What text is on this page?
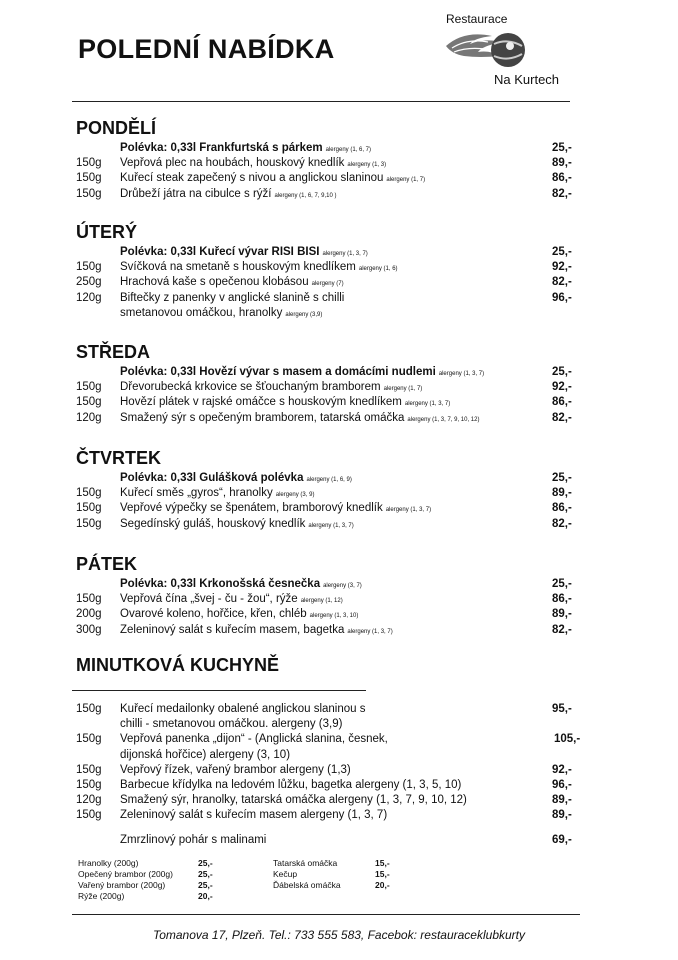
POLEDNÍ NABÍDKA
Restaurace
Na Kurtech
PONDĚLÍ
Polévka: 0,33l Frankfurtská s párkem alergeny (1, 6, 7)	25,-
150g Vepřová plec na houbách, houskový knedlík alergeny (1, 3)	89,-
150g Kuřecí steak zapečený s nivou a anglickou slaninou alergeny (1, 7)	86,-
150g Drůbeží játra na cibulce s rýží alergeny (1, 6, 7, 9,10 )	82,-
ÚTERÝ
Polévka: 0,33l Kuřecí vývar RISI BISI alergeny (1, 3, 7)	25,-
150g Svíčková na smetaně s houskovým knedlíkem alergeny (1, 6)	92,-
250g Hrachová kaše s opečenou klobásou alergeny (7)	82,-
120g Biftečky z panenky v anglické slanině s chilli	96,-
smetanovou omáčkou, hranolky alergeny (3,9)
STŘEDA
Polévka: 0,33l Hovězí vývar s masem a domácími nudlemi alergeny (1, 3, 7)	25,-
150g Dřevorubecká krkovice se šťouchaným bramborem alergeny (1, 7)	92,-
150g Hovězí plátek v rajské omáčce s houskovým knedlíkem alergeny (1, 3, 7)	86,-
120g Smažený sýr s opečeným bramborem, tatarská omáčka alergeny (1, 3, 7, 9, 10, 12)	82,-
ČTVRTEK
Polévka: 0,33l Gulášková polévka alergeny (1, 6, 9)	25,-
150g Kuřecí směs „gyros“, hranolky alergeny (3, 9)	89,-
150g Vepřové výpečky se špenátem, bramborový knedlík alergeny (1, 3, 7)	86,-
150g Segedínský guláš, houskový knedlík alergeny (1, 3, 7)	82,-
PÁTEK
Polévka: 0,33l Krkonošská česnečka alergeny (3, 7)	25,-
150g Vepřová čína „švej - ču - žou“, rýže alergeny (1, 12)	86,-
200g Ovarové koleno, hořčice, křen, chléb alergeny (1, 3, 10)	89,-
300g Zeleninový salát s kuřecím masem, bagetka alergeny (1, 3, 7)	82,-
MINUTKOVÁ KUCHYNĚ
150g Kuřecí medailonky obalené anglickou slaninou s	95,-
chilli - smetanovou omáčkou. alergeny (3,9)
150g Vepřová panenka „dijon“ - (Anglická slanina, česnek,	105,-
dijonská hořčice) alergeny (3, 10)
150g Vepřový řízek, vařený brambor alergeny (1,3)	92,-
150g Barbecue křídylka na ledovém lůžku, bagetka alergeny (1, 3, 5, 10)	96,-
120g Smažený sýr, hranolky, tatarská omáčka alergeny (1, 3, 7, 9, 10, 12)	89,-
150g Zeleninový salát s kuřecím masem alergeny (1, 3, 7)	89,-
Zmrzlinový pohár s malinami	69,-
Hranolky (200g)	25,-
Opečený brambor (200g)	25,-
Vařený brambor (200g)	25,-
Rýže (200g)	20,-
Tatarská omáčka	15,-
Kečup	15,-
Ďábelská omáčka	20,-
Tomanova 17, Plzeň. Tel.: 733 555 583, Facebok: restauraceklubkurty
